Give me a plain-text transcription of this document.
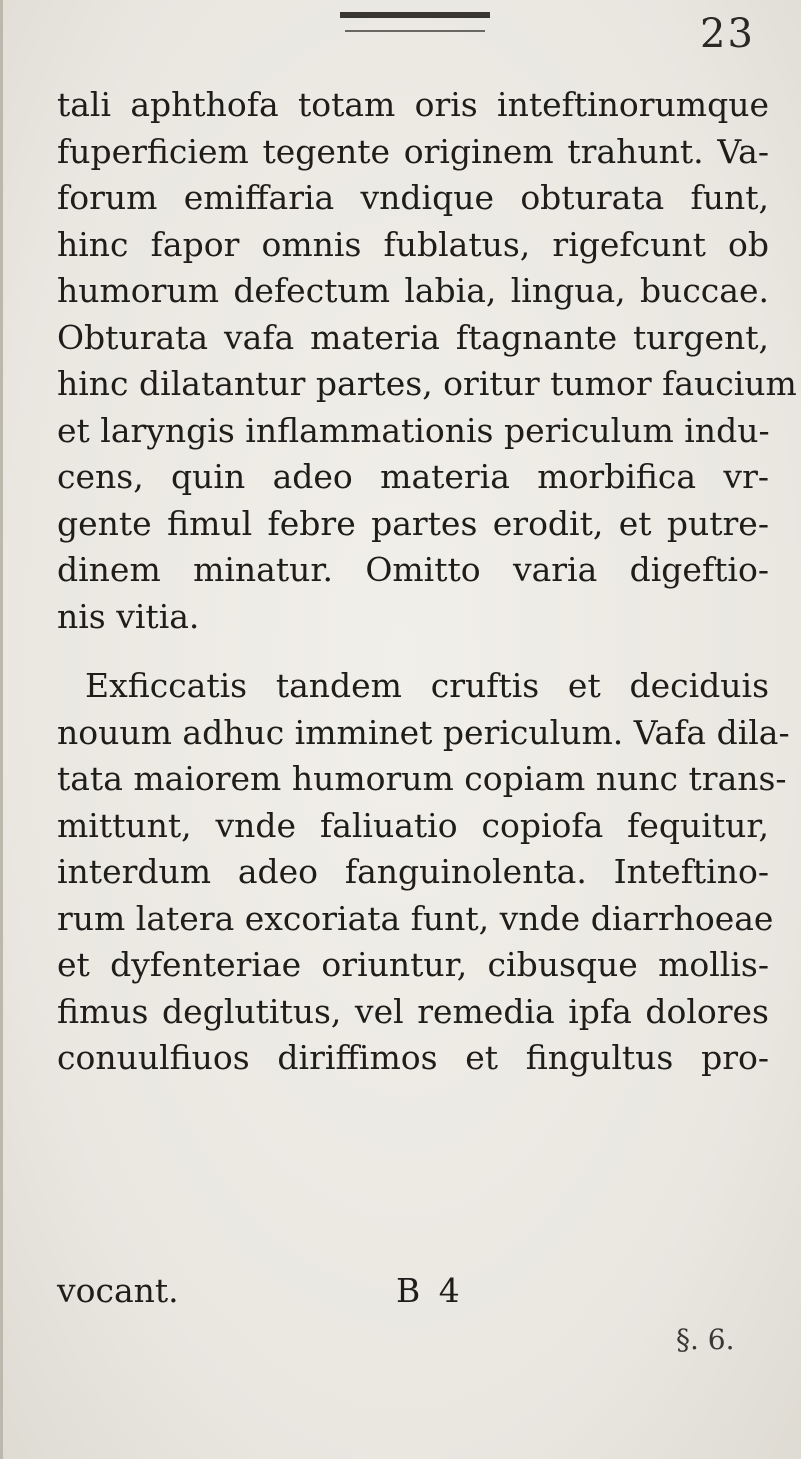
23
tali aphthofa totam oris inteftinorumque
fuperficiem tegente originem trahunt. Va-
forum emiffaria vndique obturata funt,
hinc fapor omnis fublatus, rigefcunt ob
humorum defectum labia, lingua, buccae.
Obturata vafa materia ftagnante turgent,
hinc dilatantur partes, oritur tumor faucium
et laryngis inflammationis periculum indu-
cens, quin adeo materia morbifica vr-
gente fimul febre partes erodit, et putre-
dinem minatur. Omitto varia digeftio-
nis vitia.
Exficcatis tandem cruftis et deciduis
nouum adhuc imminet periculum. Vafa dila-
tata maiorem humorum copiam nunc trans-
mittunt, vnde faliuatio copiofa fequitur,
interdum adeo fanguinolenta. Inteftino-
rum latera excoriata funt, vnde diarrhoeae
et dyfenteriae oriuntur, cibusque mollis-
fimus deglutitus, vel remedia ipfa dolores
conuulfiuos diriffimos et fingultus pro-
vocant.	B 4
§. 6.
